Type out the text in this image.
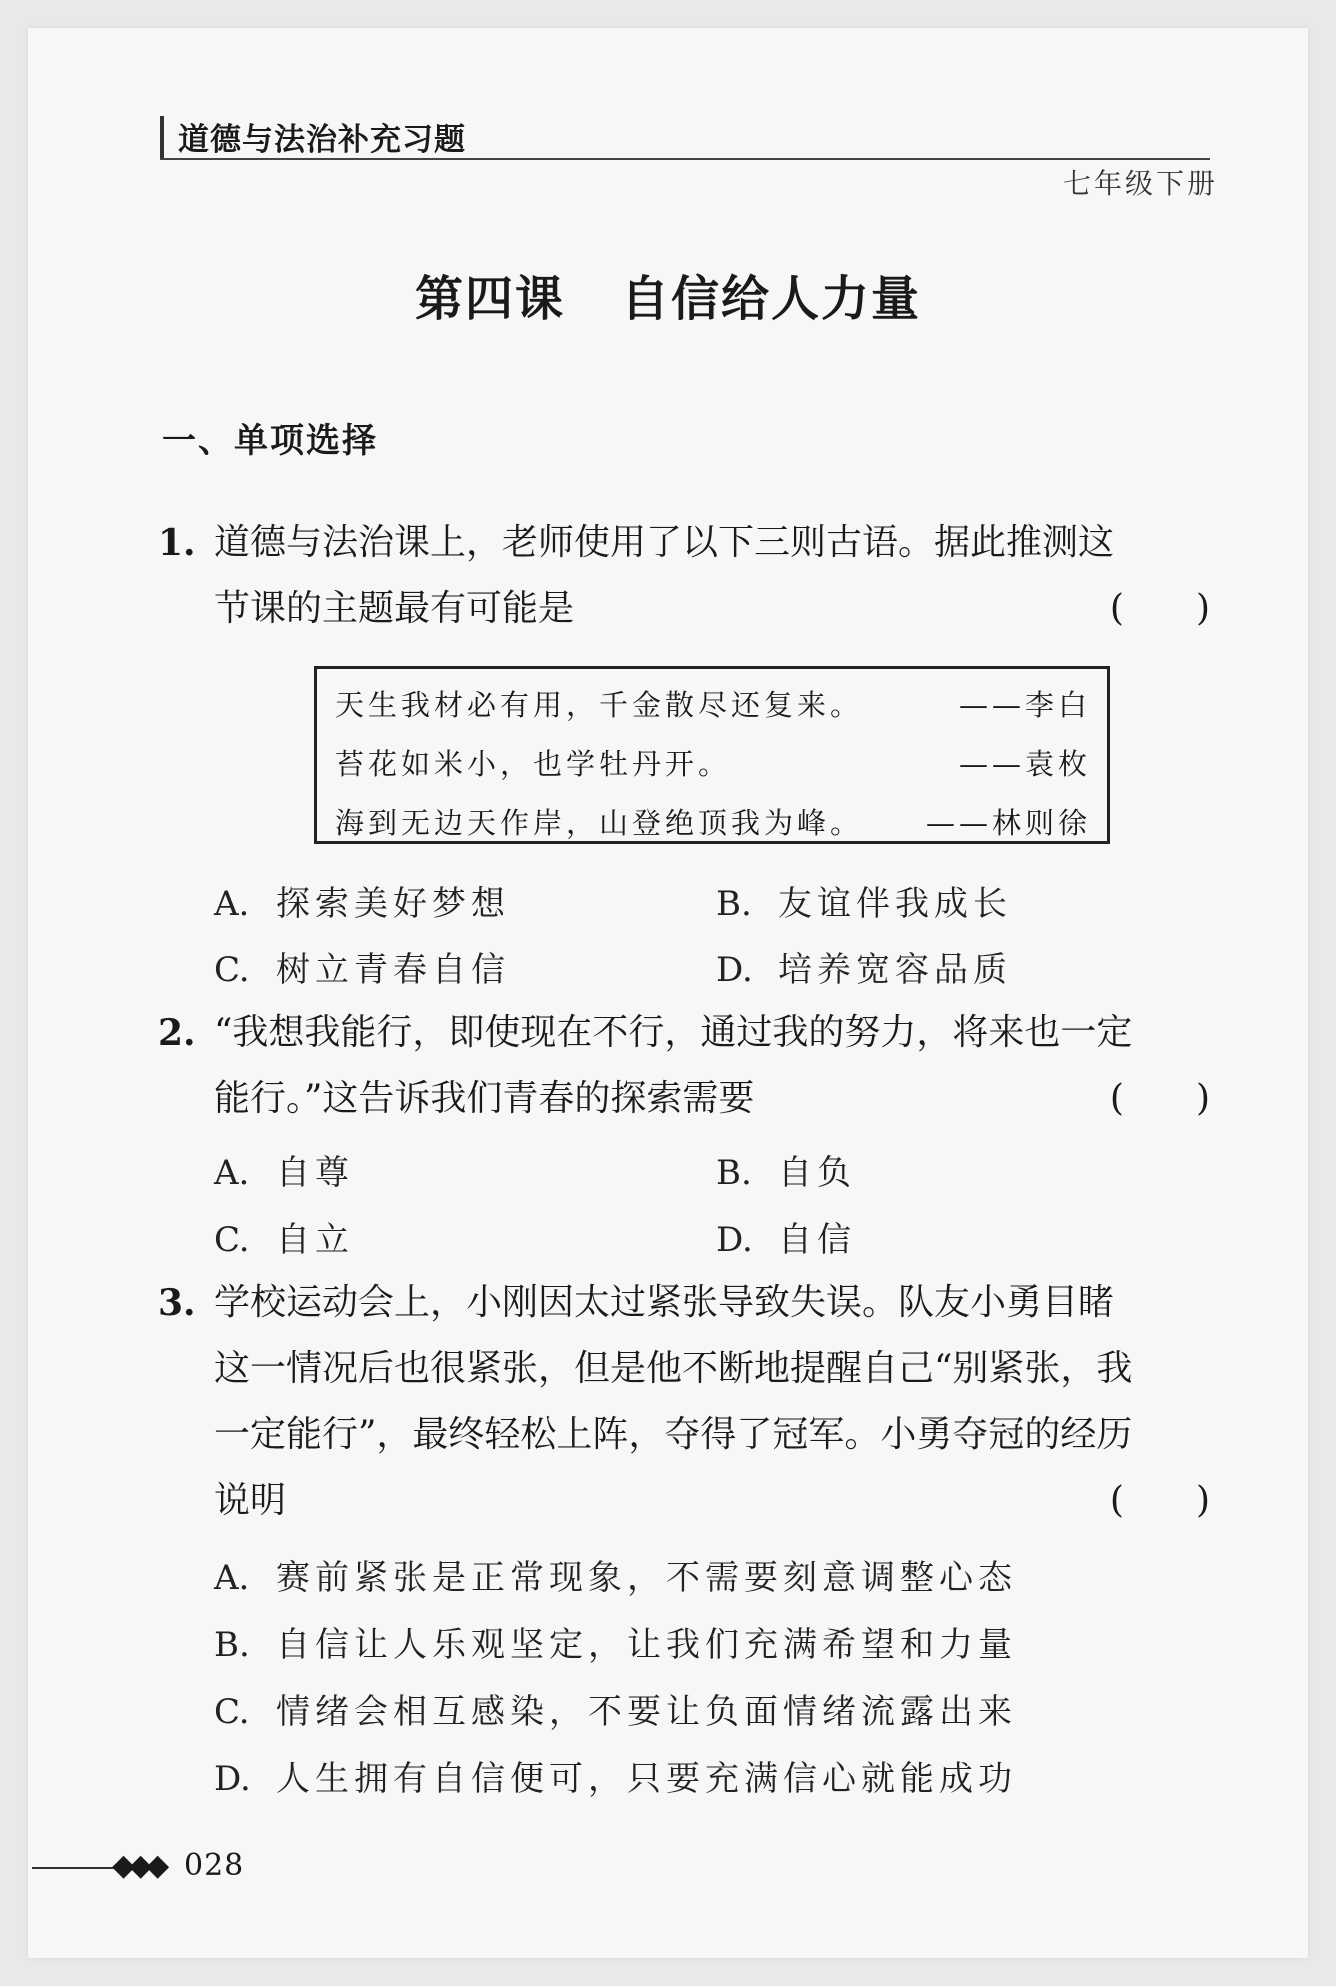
道德与法治补充习题
七年级下册
第四课 自信给人力量
一、单项选择
1. 道德与法治课上，老师使用了以下三则古语。据此推测这
节课的主题最有可能是	(　　)
天生我材必有用，千金散尽还复来。	——李白
苔花如米小，也学牡丹开。	——袁枚
海到无边天作岸，山登绝顶我为峰。 ——林则徐
A. 探索美好梦想	B. 友谊伴我成长
C. 树立青春自信	D. 培养宽容品质
2. “我想我能行，即使现在不行，通过我的努力，将来也一定
能行。”这告诉我们青春的探索需要	(　　)
A. 自尊	B. 自负
C. 自立	D. 自信
3. 学校运动会上，小刚因太过紧张导致失误。队友小勇目睹
这一情况后也很紧张，但是他不断地提醒自己“别紧张，我
一定能行”，最终轻松上阵，夺得了冠军。小勇夺冠的经历
说明	(　　)
A. 赛前紧张是正常现象，不需要刻意调整心态
B. 自信让人乐观坚定，让我们充满希望和力量
C. 情绪会相互感染，不要让负面情绪流露出来
D. 人生拥有自信便可，只要充满信心就能成功
◆◆◆ 028
